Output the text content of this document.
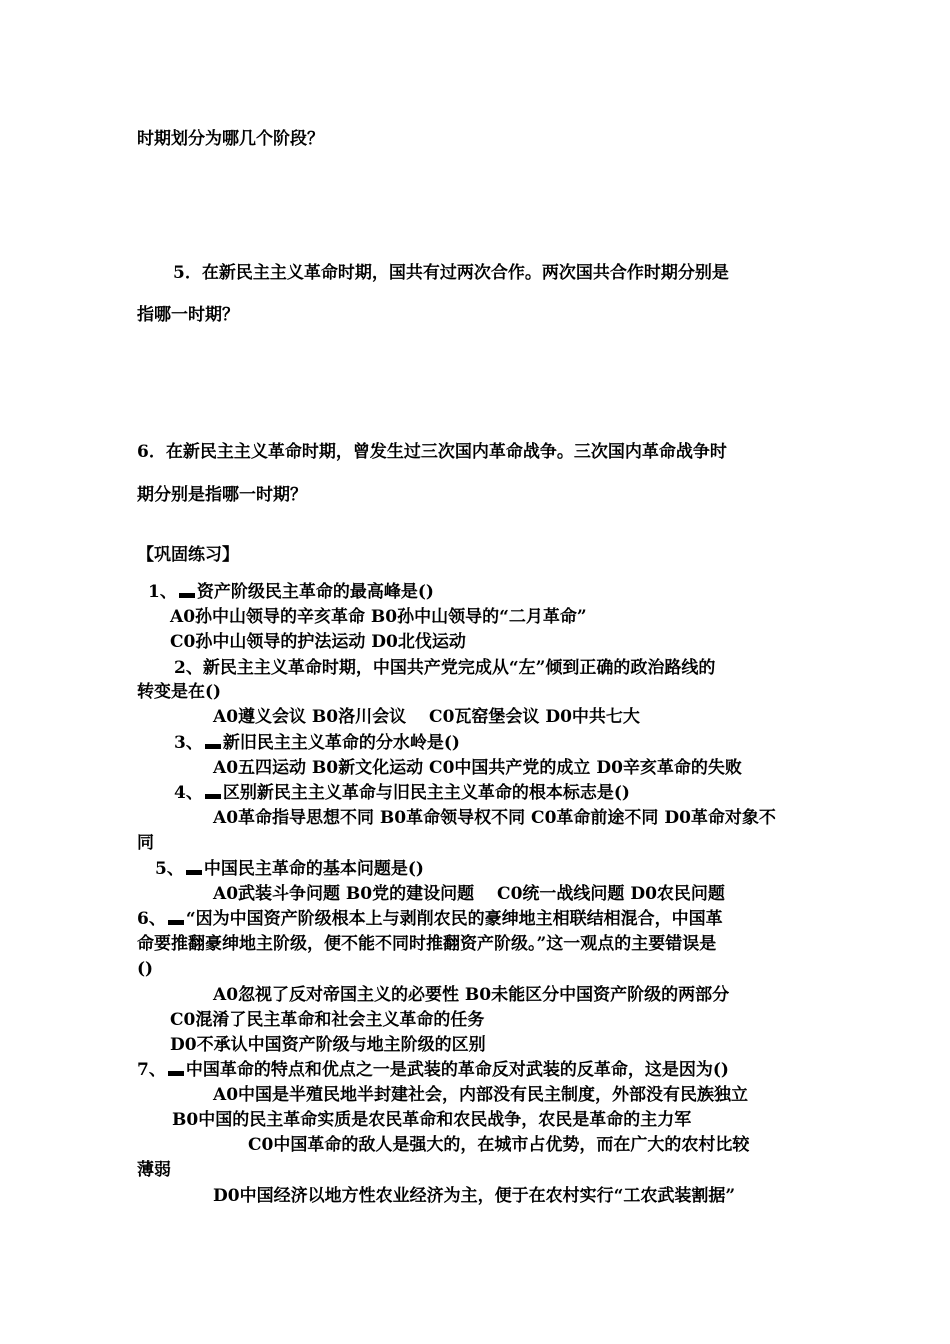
时期划分为哪几个阶段？
5．在新民主主义革命时期，国共有过两次合作。两次国共合作时期分别是
指哪一时期？
6．在新民主主义革命时期，曾发生过三次国内革命战争。三次国内革命战争时
期分别是指哪一时期？
【巩固练习】
1、 资产阶级民主革命的最高峰是()
A0孙中山领导的辛亥革命 B0孙中山领导的“二月革命”
C0孙中山领导的护法运动 D0北伐运动
2、新民主主义革命时期，中国共产党完成从“左”倾到正确的政治路线的
转变是在()
A0遵义会议 B0洛川会议　 C0瓦窑堡会议 D0中共七大
3、 新旧民主主义革命的分水岭是()
A0五四运动 B0新文化运动 C0中国共产党的成立 D0辛亥革命的失败
4、 区别新民主主义革命与旧民主主义革命的根本标志是()
A0革命指导思想不同 B0革命领导权不同 C0革命前途不同 D0革命对象不
同
5、 中国民主革命的基本问题是()
A0武装斗争问题 B0党的建设问题　 C0统一战线问题 D0农民问题
6、 “因为中国资产阶级根本上与剥削农民的豪绅地主相联结相混合，中国革
命要推翻豪绅地主阶级，便不能不同时推翻资产阶级。”这一观点的主要错误是
()
A0忽视了反对帝国主义的必要性 B0未能区分中国资产阶级的两部分
C0混淆了民主革命和社会主义革命的任务
D0不承认中国资产阶级与地主阶级的区别
7、 中国革命的特点和优点之一是武装的革命反对武装的反革命，这是因为()
A0中国是半殖民地半封建社会，内部没有民主制度，外部没有民族独立
B0中国的民主革命实质是农民革命和农民战争，农民是革命的主力军
C0中国革命的敌人是强大的，在城市占优势，而在广大的农村比较
薄弱
D0中国经济以地方性农业经济为主，便于在农村实行“工农武装割据”
